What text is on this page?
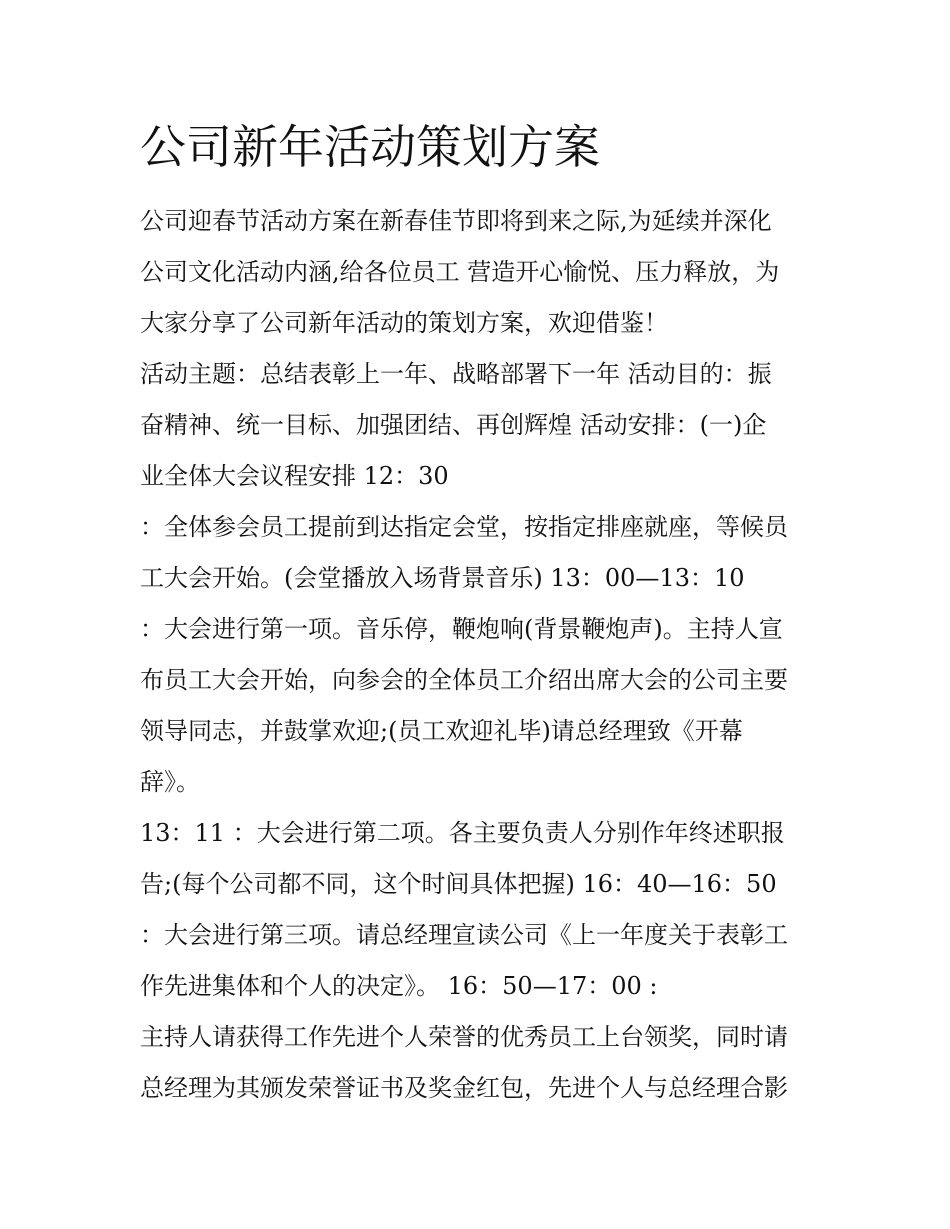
公司新年活动策划方案
公司迎春节活动方案在新春佳节即将到来之际,为延续并深化
公司文化活动内涵,给各位员工 营造开心愉悦、压力释放，为
大家分享了公司新年活动的策划方案，欢迎借鉴！
活动主题：总结表彰上一年、战略部署下一年 活动目的：振
奋精神、统一目标、加强团结、再创辉煌 活动安排：(一)企
业全体大会议程安排 12：30
：全体参会员工提前到达指定会堂，按指定排座就座，等候员
工大会开始。(会堂播放入场背景音乐) 13：00—13：10
：大会进行第一项。音乐停，鞭炮响(背景鞭炮声)。主持人宣
布员工大会开始，向参会的全体员工介绍出席大会的公司主要
领导同志，并鼓掌欢迎;(员工欢迎礼毕)请总经理致《开幕
辞》。
13：11 ：大会进行第二项。各主要负责人分别作年终述职报
告;(每个公司都不同，这个时间具体把握) 16：40—16：50
：大会进行第三项。请总经理宣读公司《上一年度关于表彰工
作先进集体和个人的决定》。 16：50—17：00 :
主持人请获得工作先进个人荣誉的优秀员工上台领奖，同时请
总经理为其颁发荣誉证书及奖金红包，先进个人与总经理合影
